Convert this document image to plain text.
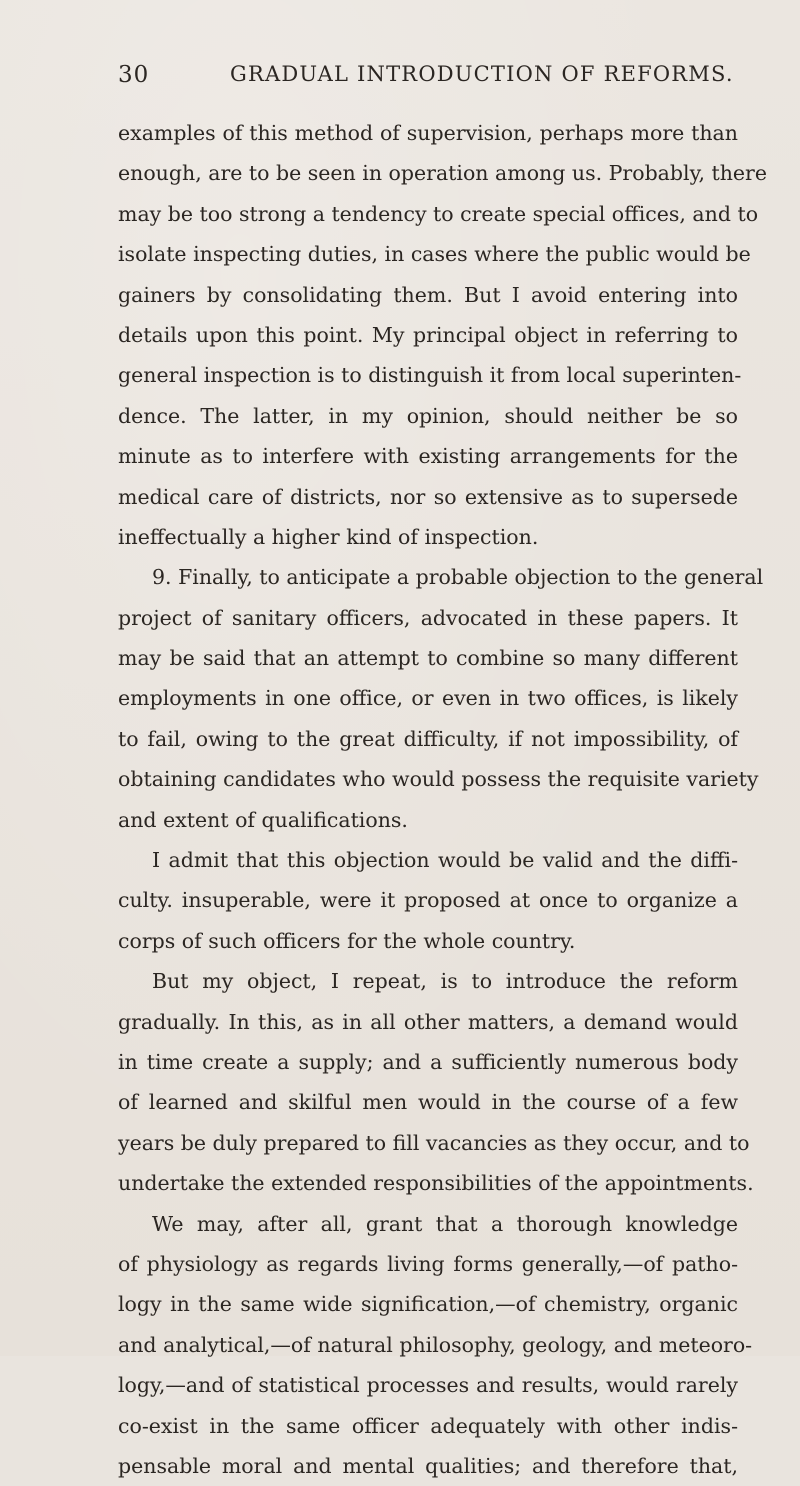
30	GRADUAL INTRODUCTION OF REFORMS.
examples of this method of supervision, perhaps more than
enough, are to be seen in operation among us. Probably, there
may be too strong a tendency to create special offices, and to
isolate inspecting duties, in cases where the public would be
gainers by consolidating them. But I avoid entering into
details upon this point. My principal object in referring to
general inspection is to distinguish it from local superinten-
dence. The latter, in my opinion, should neither be so
minute as to interfere with existing arrangements for the
medical care of districts, nor so extensive as to supersede
ineffectually a higher kind of inspection.
9. Finally, to anticipate a probable objection to the general
project of sanitary officers, advocated in these papers. It
may be said that an attempt to combine so many different
employments in one office, or even in two offices, is likely
to fail, owing to the great difficulty, if not impossibility, of
obtaining candidates who would possess the requisite variety
and extent of qualifications.
I admit that this objection would be valid and the diffi-
culty. insuperable, were it proposed at once to organize a
corps of such officers for the whole country.
But my object, I repeat, is to introduce the reform
gradually. In this, as in all other matters, a demand would
in time create a supply; and a sufficiently numerous body
of learned and skilful men would in the course of a few
years be duly prepared to fill vacancies as they occur, and to
undertake the extended responsibilities of the appointments.
We may, after all, grant that a thorough knowledge
of physiology as regards living forms generally,—of patho-
logy in the same wide signification,—of chemistry, organic
and analytical,—of natural philosophy, geology, and meteoro-
logy,—and of statistical processes and results, would rarely
co-exist in the same officer adequately with other indis-
pensable moral and mental qualities; and therefore that,
